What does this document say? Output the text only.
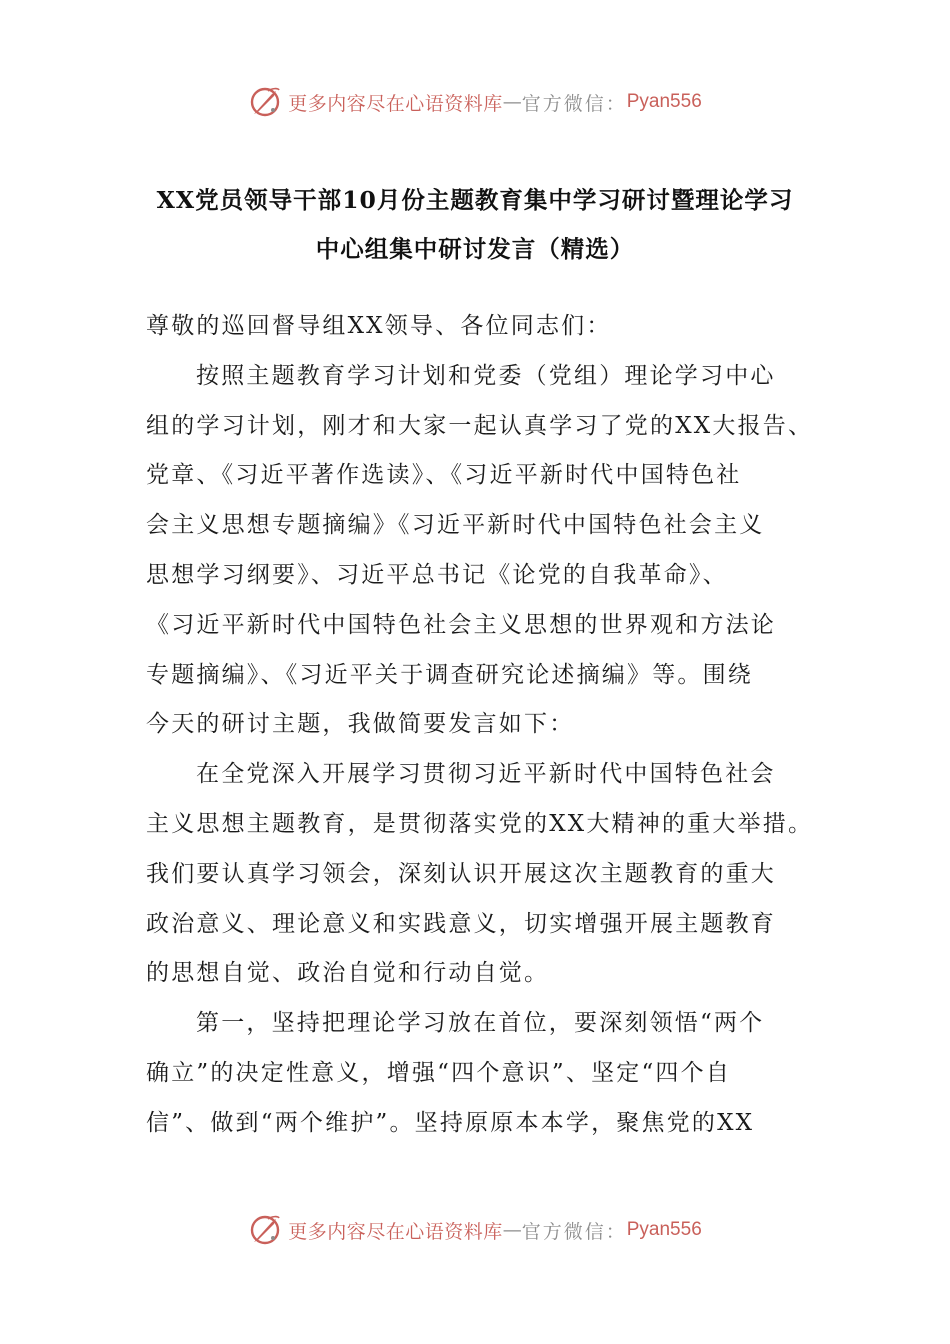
更多内容尽在心语资料库 — 官方微信： Pyan556
XX党员领导干部10月份主题教育集中学习研讨暨理论学习
中心组集中研讨发言（精选）
尊敬的巡回督导组XX领导、各位同志们：
按照主题教育学习计划和党委（党组）理论学习中心
组的学习计划，刚才和大家一起认真学习了党的XX大报告、
党章、《习近平著作选读》、《习近平新时代中国特色社
会主义思想专题摘编》《习近平新时代中国特色社会主义
思想学习纲要》、习近平总书记《论党的自我革命》、
《习近平新时代中国特色社会主义思想的世界观和方法论
专题摘编》、《习近平关于调查研究论述摘编》等。围绕
今天的研讨主题，我做简要发言如下：
在全党深入开展学习贯彻习近平新时代中国特色社会
主义思想主题教育，是贯彻落实党的XX大精神的重大举措。
我们要认真学习领会，深刻认识开展这次主题教育的重大
政治意义、理论意义和实践意义，切实增强开展主题教育
的思想自觉、政治自觉和行动自觉。
第一，坚持把理论学习放在首位，要深刻领悟“两个
确立”的决定性意义，增强“四个意识”、坚定“四个自
信”、做到“两个维护”。坚持原原本本学，聚焦党的XX
更多内容尽在心语资料库 — 官方微信： Pyan556
